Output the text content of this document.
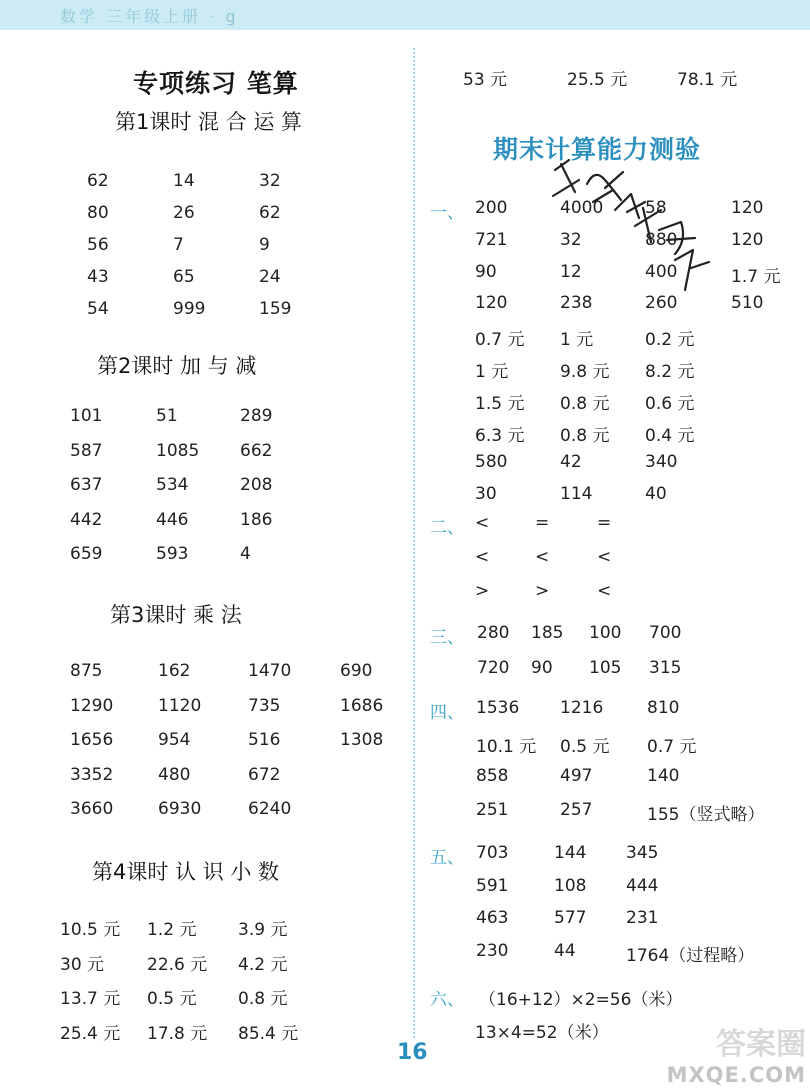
数学 三年级上册 · g
专项练习 笔算
第1课时 混 合 运 算
第2课时 加 与 减
第3课时 乘 法
第4课时 认 识 小 数
62	14	32
80	26	62
56	7	9
43	65	24
54	999	159
101	51	289
587	1085 662
637	534	208
442	446	186
659	593	4
875	162	1470	690
1290	1120	735	1686
1656	954	516	1308
3352	480	672
3660	6930	6240
10.5 元 1.2 元 3.9 元
30 元	22.6 元 4.2 元
13.7 元 0.5 元 0.8 元
25.4 元 17.8 元 85.4 元
53 元	25.5 元	78.1 元
期末计算能力测验
一、 200	4000 58	120
721	32	880	120
90	12	400	1.7 元
120	238	260	510
0.7 元 1 元	0.2 元
1 元	9.8 元 8.2 元
1.5 元 0.8 元 0.6 元
6.3 元 0.8 元 0.4 元
580	42	340
30	114	40
二、 <	=	=
<	<	<
>	>	<
三、 280 185 100 700
720 90 105 315
四、 1536 1216	810
10.1 元 0.5 元 0.7 元
858	497	140
251	257	155（竖式略）
五、 703	144 345
591	108 444
463	577 231
230	44	1764（过程略）
六、 （16+12）×2=56（米）
13×4=52（米）
16	答案圈
MXQE.COM
